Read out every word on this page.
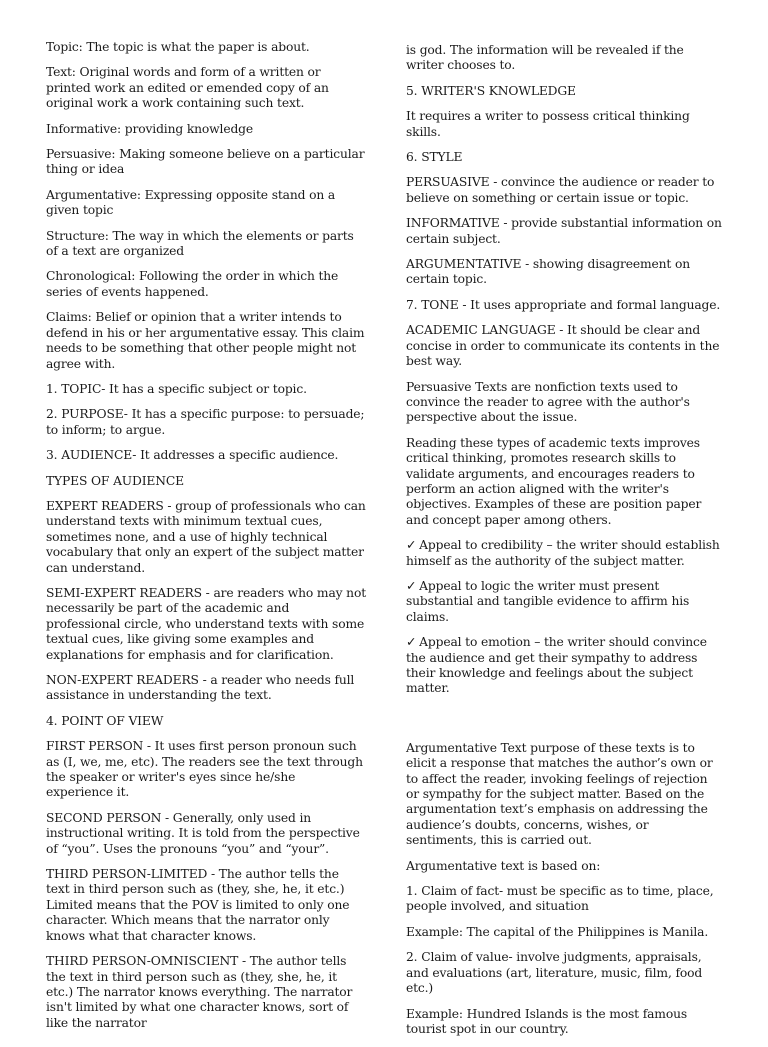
Topic: The topic is what the paper is about.

Text: Original words and form of a written or printed work an edited or emended copy of an original work a work containing such text.

Informative: providing knowledge

Persuasive: Making someone believe on a particular thing or idea

Argumentative: Expressing opposite stand on a given topic

Structure: The way in which the elements or parts of a text are organized

Chronological: Following the order in which the series of events happened.

Claims: Belief or opinion that a writer intends to defend in his or her argumentative essay. This claim needs to be something that other people might not agree with.

1. TOPIC- It has a specific subject or topic.

2. PURPOSE- It has a specific purpose: to persuade; to inform; to argue.

3. AUDIENCE- It addresses a specific audience.

TYPES OF AUDIENCE

EXPERT READERS - group of professionals who can understand texts with minimum textual cues, sometimes none, and a use of highly technical vocabulary that only an expert of the subject matter can understand.

SEMI-EXPERT READERS - are readers who may not necessarily be part of the academic and professional circle, who understand texts with some textual cues, like giving some examples and explanations for emphasis and for clarification.

NON-EXPERT READERS - a reader who needs full assistance in understanding the text.

4. POINT OF VIEW

FIRST PERSON - It uses first person pronoun such as (I, we, me, etc). The readers see the text through the speaker or writer's eyes since he/she experience it.

SECOND PERSON - Generally, only used in instructional writing. It is told from the perspective of “you”. Uses the pronouns “you” and “your”.

THIRD PERSON-LIMITED - The author tells the text in third person such as (they, she, he, it etc.) Limited means that the POV is limited to only one character. Which means that the narrator only knows what that character knows.

THIRD PERSON-OMNISCIENT - The author tells the text in third person such as (they, she, he, it etc.) The narrator knows everything. The narrator isn't limited by what one character knows, sort of like the narrator

is god. The information will be revealed if the writer chooses to.

5. WRITER'S KNOWLEDGE

It requires a writer to possess critical thinking skills.

6. STYLE

PERSUASIVE - convince the audience or reader to believe on something or certain issue or topic.

INFORMATIVE - provide substantial information on certain subject.

ARGUMENTATIVE - showing disagreement on certain topic.

7. TONE - It uses appropriate and formal language.

ACADEMIC LANGUAGE - It should be clear and concise in order to communicate its contents in the best way.

Persuasive Texts are nonfiction texts used to convince the reader to agree with the author's perspective about the issue.

Reading these types of academic texts improves critical thinking, promotes research skills to validate arguments, and encourages readers to perform an action aligned with the writer's objectives. Examples of these are position paper and concept paper among others.

✓ Appeal to credibility – the writer should establish himself as the authority of the subject matter.

✓ Appeal to logic the writer must present substantial and tangible evidence to affirm his claims.

✓ Appeal to emotion – the writer should convince the audience and get their sympathy to address their knowledge and feelings about the subject matter.

Argumentative Text purpose of these texts is to elicit a response that matches the author’s own or to affect the reader, invoking feelings of rejection or sympathy for the subject matter. Based on the argumentation text’s emphasis on addressing the audience’s doubts, concerns, wishes, or sentiments, this is carried out.

Argumentative text is based on:

1. Claim of fact- must be specific as to time, place, people involved, and situation

Example: The capital of the Philippines is Manila.

2. Claim of value- involve judgments, appraisals, and evaluations (art, literature, music, film, food etc.)

Example: Hundred Islands is the most famous tourist spot in our country.
